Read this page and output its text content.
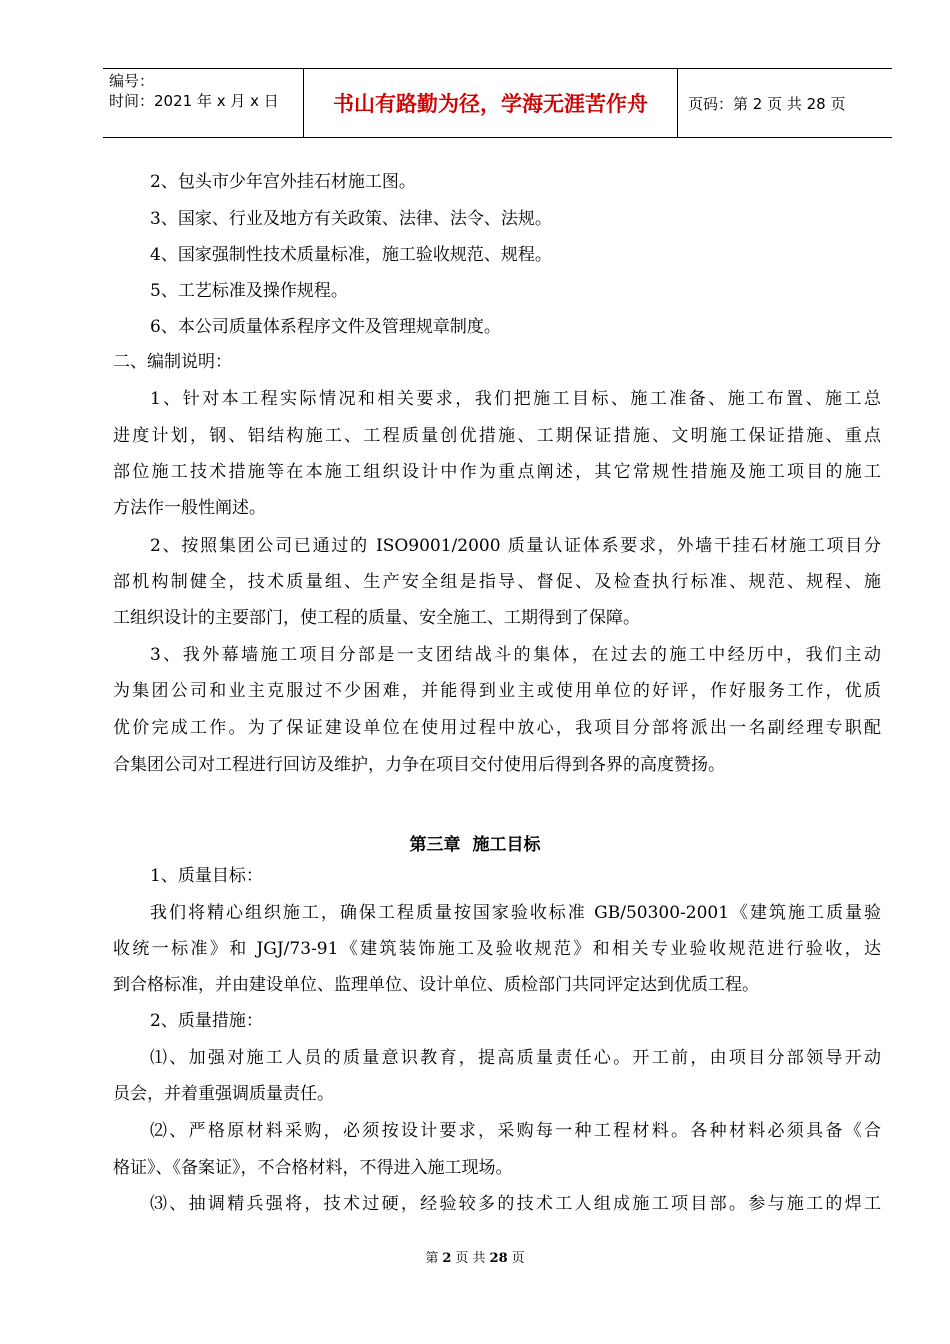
编号：
时间：2021 年 x 月 x 日	书山有路勤为径，学海无涯苦作舟	页码：第 2 页 共 28 页
2、包头市少年宫外挂石材施工图。
3、国家、行业及地方有关政策、法律、法令、法规。
4、国家强制性技术质量标准，施工验收规范、规程。
5、工艺标准及操作规程。
6、本公司质量体系程序文件及管理规章制度。
二、编制说明：
1、针对本工程实际情况和相关要求，我们把施工目标、施工准备、施工布置、施工总
进度计划，钢、铝结构施工、工程质量创优措施、工期保证措施、文明施工保证措施、重点
部位施工技术措施等在本施工组织设计中作为重点阐述，其它常规性措施及施工项目的施工
方法作一般性阐述。
2、按照集团公司已通过的 ISO9001/2000 质量认证体系要求，外墙干挂石材施工项目分
部机构制健全，技术质量组、生产安全组是指导、督促、及检查执行标准、规范、规程、施
工组织设计的主要部门，使工程的质量、安全施工、工期得到了保障。
3、我外幕墙施工项目分部是一支团结战斗的集体，在过去的施工中经历中，我们主动
为集团公司和业主克服过不少困难，并能得到业主或使用单位的好评，作好服务工作，优质
优价完成工作。为了保证建设单位在使用过程中放心，我项目分部将派出一名副经理专职配
合集团公司对工程进行回访及维护，力争在项目交付使用后得到各界的高度赞扬。
第三章 施工目标
1、质量目标：
我们将精心组织施工，确保工程质量按国家验收标准 GB/50300-2001《建筑施工质量验
收统一标准》和 JGJ/73-91《建筑装饰施工及验收规范》和相关专业验收规范进行验收，达
到合格标准，并由建设单位、监理单位、设计单位、质检部门共同评定达到优质工程。
2、质量措施：
⑴、加强对施工人员的质量意识教育，提高质量责任心。开工前，由项目分部领导开动
员会，并着重强调质量责任。
⑵、严格原材料采购，必须按设计要求，采购每一种工程材料。各种材料必须具备《合
格证》、《备案证》，不合格材料，不得进入施工现场。
⑶、抽调精兵强将，技术过硬，经验较多的技术工人组成施工项目部。参与施工的焊工
第 2 页 共 28 页
